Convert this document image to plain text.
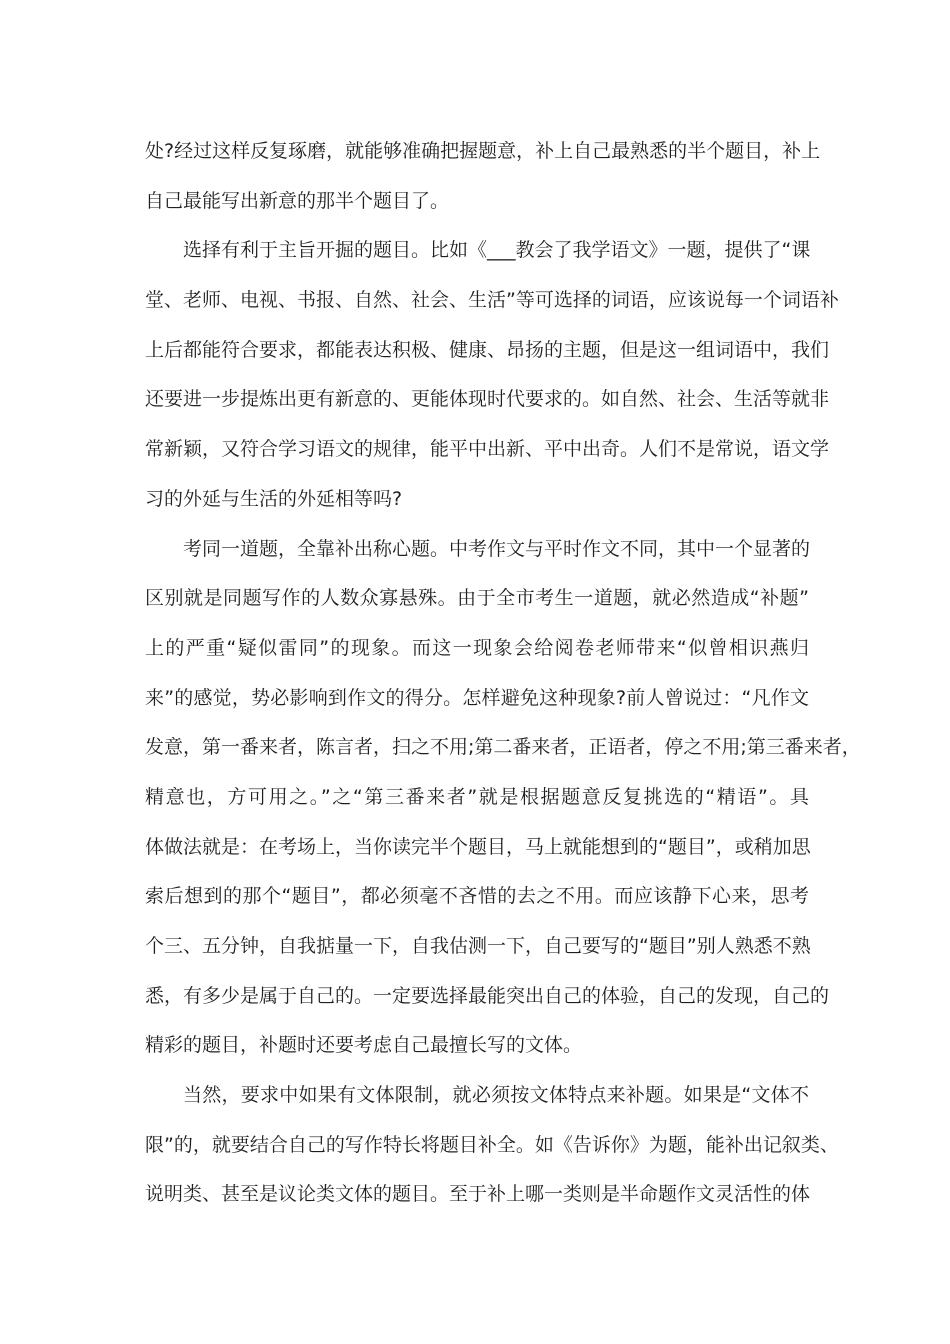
处?经过这样反复琢磨，就能够准确把握题意，补上自己最熟悉的半个题目，补上
自己最能写出新意的那半个题目了。
选择有利于主旨开掘的题目。比如《___教会了我学语文》一题，提供了“课
堂、老师、电视、书报、自然、社会、生活”等可选择的词语，应该说每一个词语补
上后都能符合要求，都能表达积极、健康、昂扬的主题，但是这一组词语中，我们
还要进一步提炼出更有新意的、更能体现时代要求的。如自然、社会、生活等就非
常新颖，又符合学习语文的规律，能平中出新、平中出奇。人们不是常说，语文学
习的外延与生活的外延相等吗?
考同一道题，全靠补出称心题。中考作文与平时作文不同，其中一个显著的
区别就是同题写作的人数众寡悬殊。由于全市考生一道题，就必然造成“补题”
上的严重“疑似雷同”的现象。而这一现象会给阅卷老师带来“似曾相识燕归
来”的感觉，势必影响到作文的得分。怎样避免这种现象?前人曾说过：“凡作文
发意，第一番来者，陈言者，扫之不用;第二番来者，正语者，停之不用;第三番来者，
精意也，方可用之。”之“第三番来者”就是根据题意反复挑选的“精语”。具
体做法就是：在考场上，当你读完半个题目，马上就能想到的“题目”，或稍加思
索后想到的那个“题目”，都必须毫不吝惜的去之不用。而应该静下心来，思考
个三、五分钟，自我掂量一下，自我估测一下，自己要写的“题目”别人熟悉不熟
悉，有多少是属于自己的。一定要选择最能突出自己的体验，自己的发现，自己的
精彩的题目，补题时还要考虑自己最擅长写的文体。
当然，要求中如果有文体限制，就必须按文体特点来补题。如果是“文体不
限”的，就要结合自己的写作特长将题目补全。如《告诉你》为题，能补出记叙类、
说明类、甚至是议论类文体的题目。至于补上哪一类则是半命题作文灵活性的体
